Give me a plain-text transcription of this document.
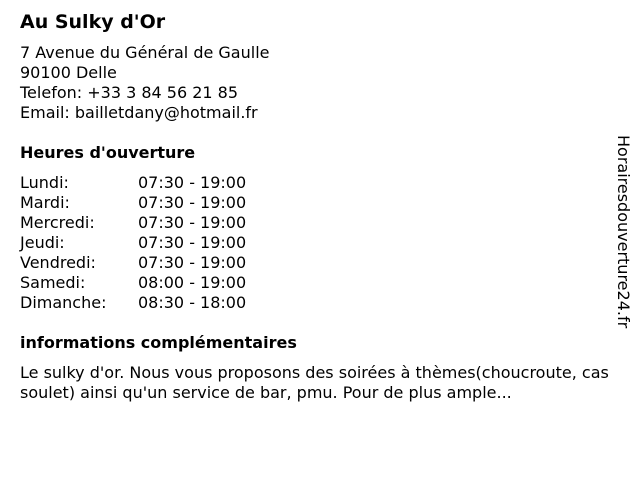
Au Sulky d'Or
7 Avenue du Général de Gaulle
90100 Delle
Telefon: +33 3 84 56 21 85
Email: bailletdany@hotmail.fr
Heures d'ouverture
Lundi:	07:30 - 19:00
Mardi:	07:30 - 19:00
Mercredi:	07:30 - 19:00
Jeudi:	07:30 - 19:00
Vendredi:	07:30 - 19:00
Samedi:	08:00 - 19:00
Dimanche:	08:30 - 18:00
informations complémentaires
Le sulky d'or. Nous vous proposons des soirées à thèmes(choucroute, cassoulet) ainsi qu'un service de bar, pmu. Pour de plus ample...
Horairesdouverture24.fr
